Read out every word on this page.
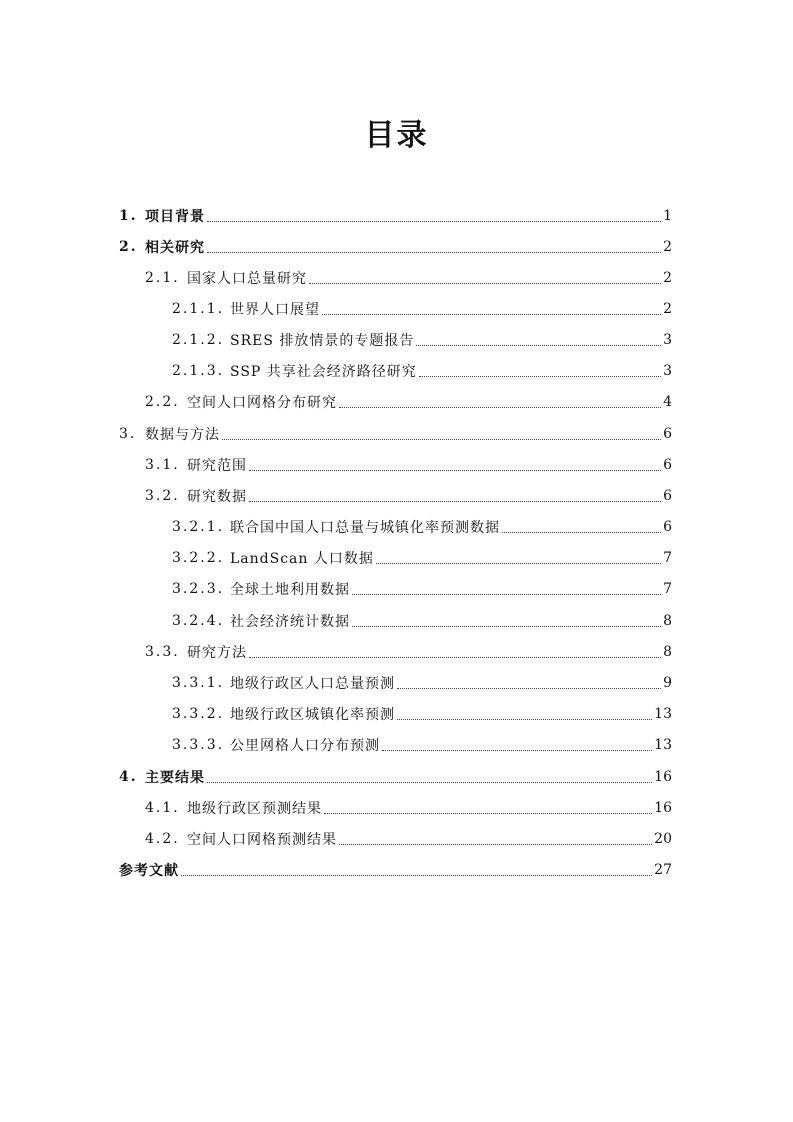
目录
1. 项目背景	1
2. 相关研究	2
2.1. 国家人口总量研究	2
2.1.1. 世界人口展望	2
2.1.2. SRES 排放情景的专题报告	3
2.1.3. SSP 共享社会经济路径研究	3
2.2. 空间人口网格分布研究	4
3. 数据与方法	6
3.1. 研究范围	6
3.2. 研究数据	6
3.2.1. 联合国中国人口总量与城镇化率预测数据	6
3.2.2. LandScan 人口数据	7
3.2.3. 全球土地利用数据	7
3.2.4. 社会经济统计数据	8
3.3. 研究方法	8
3.3.1. 地级行政区人口总量预测	9
3.3.2. 地级行政区城镇化率预测	13
3.3.3. 公里网格人口分布预测	13
4. 主要结果	16
4.1. 地级行政区预测结果	16
4.2. 空间人口网格预测结果	20
参考文献	27
